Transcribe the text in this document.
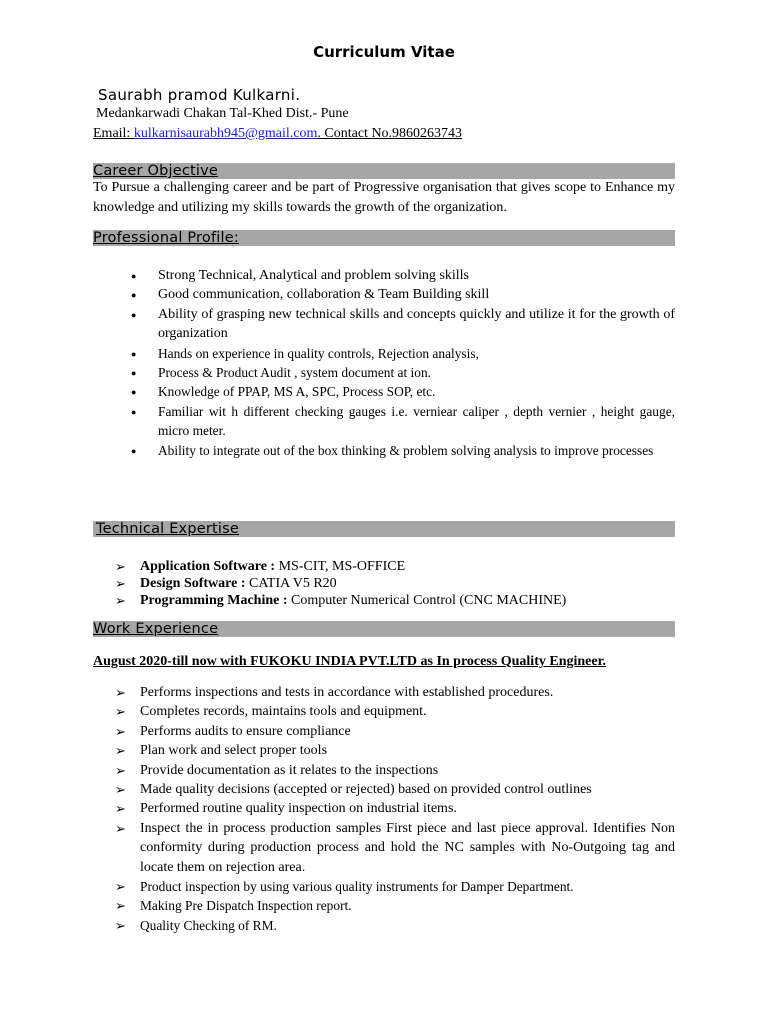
Curriculum Vitae
Saurabh pramod Kulkarni.
Medankarwadi Chakan Tal-Khed Dist.- Pune
Email: kulkarnisaurabh945@gmail.com. Contact No.9860263743
Career Objective
To Pursue a challenging career and be part of Progressive organisation that gives scope to Enhance my knowledge and utilizing my skills towards the growth of the organization.
Professional Profile:
● Strong Technical, Analytical and problem solving skills
● Good communication, collaboration & Team Building skill
● Ability of grasping new technical skills and concepts quickly and utilize it for the growth of organization
● Hands on experience in quality controls, Rejection analysis,
● Process & Product Audit , system document at ion.
● Knowledge of PPAP, MS A, SPC, Process SOP, etc.
● Familiar wit h different checking gauges i.e. verniear caliper , depth vernier , height gauge, micro meter.
● Ability to integrate out of the box thinking & problem solving analysis to improve processes
Technical Expertise
➢ Application Software : MS-CIT, MS-OFFICE
➢ Design Software : CATIA V5 R20
➢ Programming Machine : Computer Numerical Control (CNC MACHINE)
Work Experience
August 2020-till now with FUKOKU INDIA PVT.LTD as In process Quality Engineer.
➢ Performs inspections and tests in accordance with established procedures.
➢ Completes records, maintains tools and equipment.
➢ Performs audits to ensure compliance
➢ Plan work and select proper tools
➢ Provide documentation as it relates to the inspections
➢ Made quality decisions (accepted or rejected) based on provided control outlines
➢ Performed routine quality inspection on industrial items.
➢ Inspect the in process production samples First piece and last piece approval. Identifies Non conformity during production process and hold the NC samples with No-Outgoing tag and locate them on rejection area.
➢ Product inspection by using various quality instruments for Damper Department.
➢ Making Pre Dispatch Inspection report.
➢ Quality Checking of RM.
